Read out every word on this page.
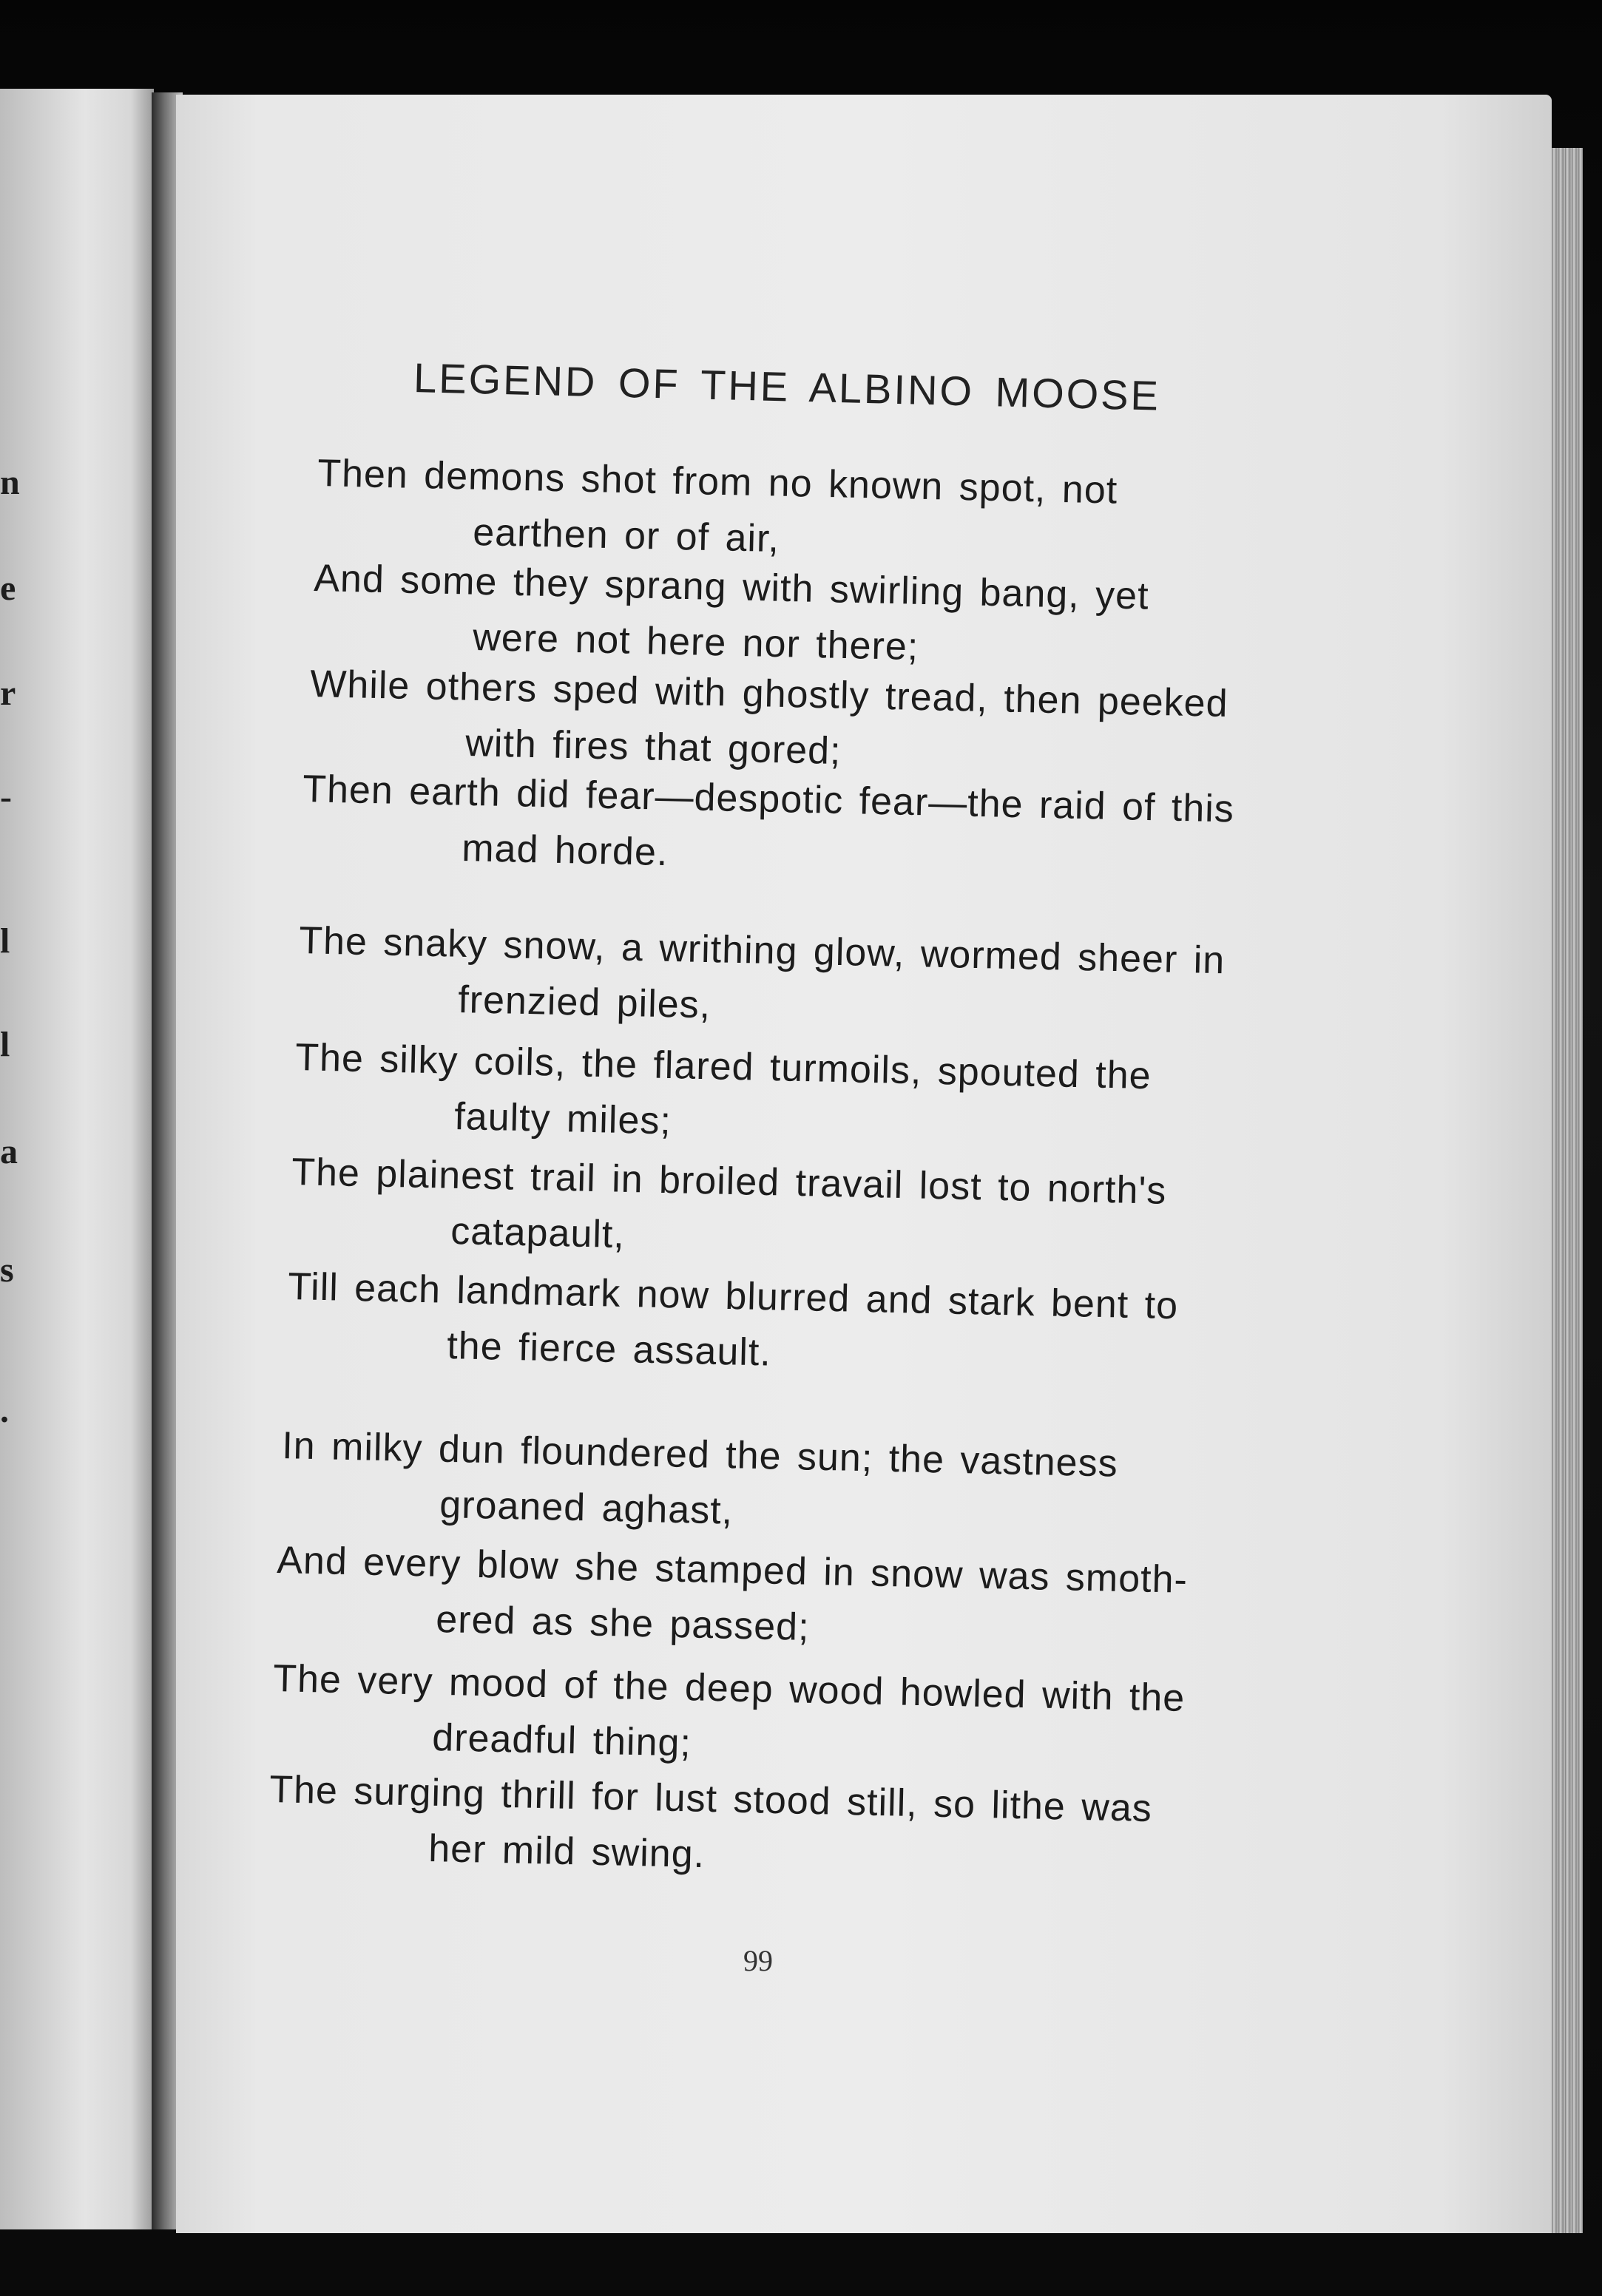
n
e
r
-
l
l
a
s
.
LEGEND OF THE ALBINO MOOSE
Then demons shot from no known spot, not
earthen or of air,
And some they sprang with swirling bang, yet
were not here nor there;
While others sped with ghostly tread, then peeked
with fires that gored;
Then earth did fear—despotic fear—the raid of this
mad horde.
The snaky snow, a writhing glow, wormed sheer in
frenzied piles,
The silky coils, the flared turmoils, spouted the
faulty miles;
The plainest trail in broiled travail lost to north's
catapault,
Till each landmark now blurred and stark bent to
the fierce assault.
In milky dun floundered the sun; the vastness
groaned aghast,
And every blow she stamped in snow was smoth-
ered as she passed;
The very mood of the deep wood howled with the
dreadful thing;
The surging thrill for lust stood still, so lithe was
her mild swing.
99
